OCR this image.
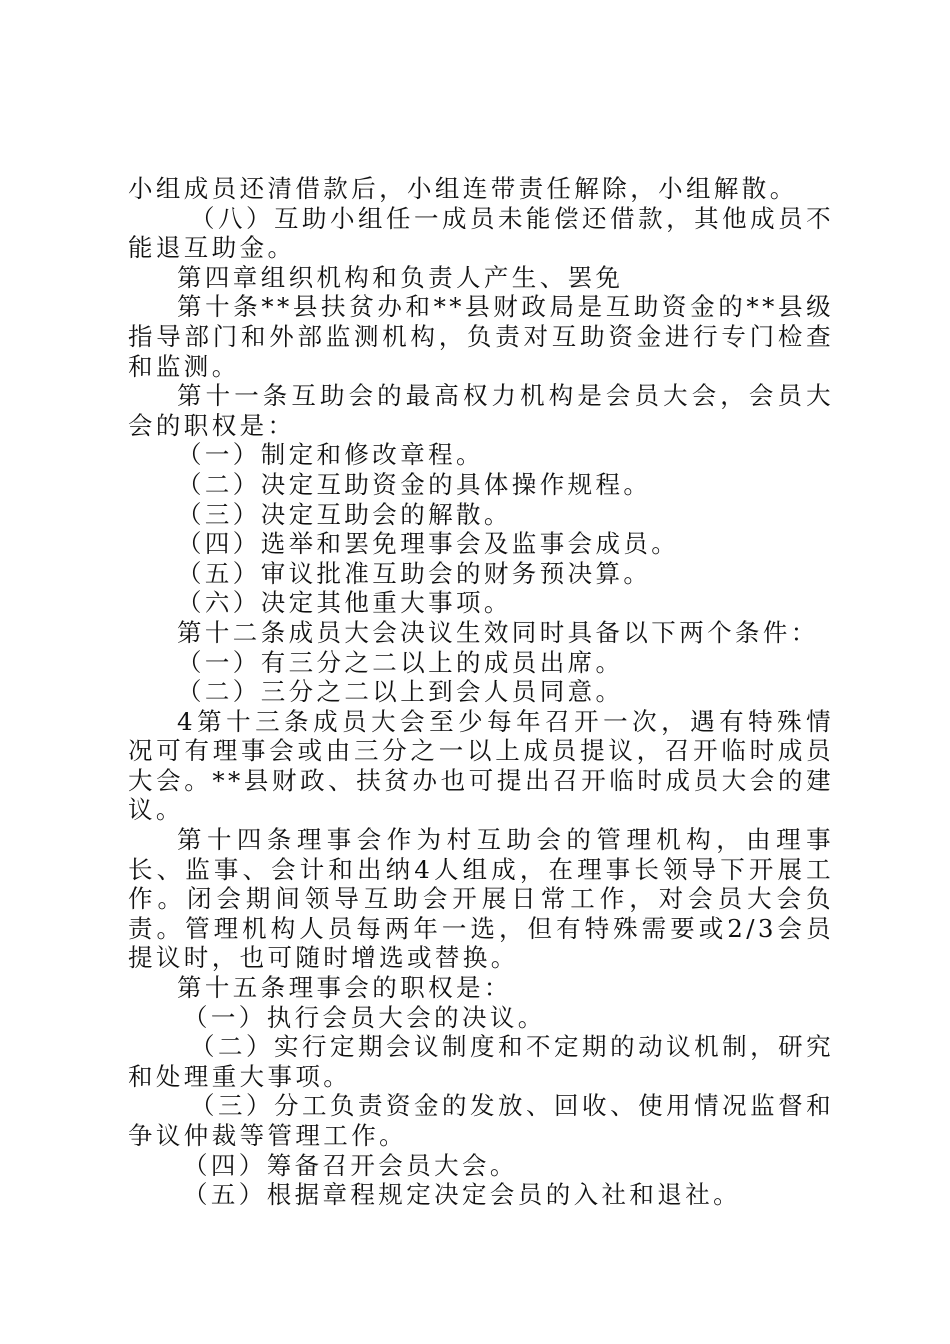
小组成员还清借款后，小组连带责任解除，小组解散。

（八）互助小组任一成员未能偿还借款，其他成员不能退互助金。

第四章组织机构和负责人产生、罢免

第十条**县扶贫办和**县财政局是互助资金的**县级指导部门和外部监测机构，负责对互助资金进行专门检查和监测。

第十一条互助会的最高权力机构是会员大会，会员大会的职权是：

（一）制定和修改章程。

（二）决定互助资金的具体操作规程。

（三）决定互助会的解散。

（四）选举和罢免理事会及监事会成员。

（五）审议批准互助会的财务预决算。

（六）决定其他重大事项。

第十二条成员大会决议生效同时具备以下两个条件：

（一）有三分之二以上的成员出席。

（二）三分之二以上到会人员同意。

4第十三条成员大会至少每年召开一次，遇有特殊情况可有理事会或由三分之一以上成员提议，召开临时成员大会。**县财政、扶贫办也可提出召开临时成员大会的建议。

第十四条理事会作为村互助会的管理机构，由理事长、监事、会计和出纳4人组成，在理事长领导下开展工作。闭会期间领导互助会开展日常工作，对会员大会负责。管理机构人员每两年一选，但有特殊需要或2/3会员提议时，也可随时增选或替换。

第十五条理事会的职权是：

（一）执行会员大会的决议。

（二）实行定期会议制度和不定期的动议机制，研究和处理重大事项。

（三）分工负责资金的发放、回收、使用情况监督和争议仲裁等管理工作。

（四）筹备召开会员大会。

（五）根据章程规定决定会员的入社和退社。
